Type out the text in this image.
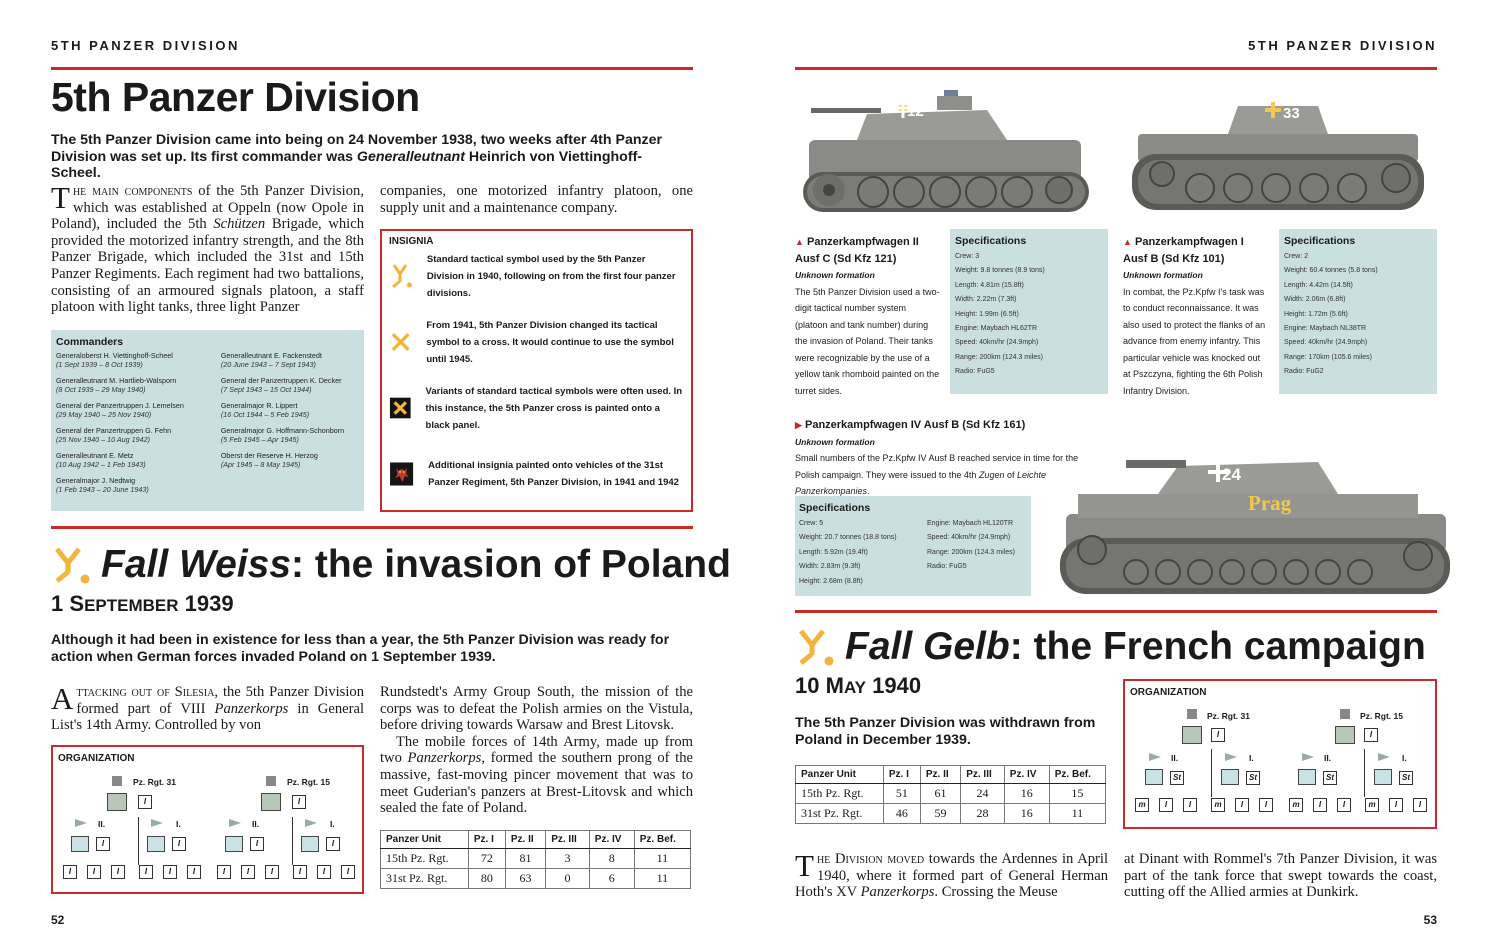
5TH PANZER DIVISION
5th Panzer Division
The 5th Panzer Division came into being on 24 November 1938, two weeks after 4th Panzer Division was set up. Its first commander was Generalleutnant Heinrich von Viettinghoff-Scheel.
The main components of the 5th Panzer Division, which was established at Oppeln (now Opole in Poland), included the 5th Schützen Brigade, which provided the motorized infantry strength, and the 8th Panzer Brigade, which included the 31st and 15th Panzer Regiments. Each regiment had two battalions, consisting of an armoured signals platoon, a staff platoon with light tanks, three light Panzer
companies, one motorized infantry platoon, one supply unit and a maintenance company.
Commanders
Generaloberst H. Viettinghoff-Scheel
(1 Sept 1939 – 8 Oct 1939)
Generalleutnant M. Hartlieb-Walsporn
(8 Oct 1939 – 29 May 1940)
General der Panzertruppen J. Lemelsen
(29 May 1940 – 25 Nov 1940)
General der Panzertruppen G. Fehn
(25 Nov 1940 – 10 Aug 1942)
Generalleutnant E. Metz
(10 Aug 1942 – 1 Feb 1943)
Generalmajor J. Nedtwig
(1 Feb 1943 – 20 June 1943)
Generalleutnant E. Fackenstedt
(20 June 1943 – 7 Sept 1943)
General der Panzertruppen K. Decker
(7 Sept 1943 – 15 Oct 1944)
Generalmajor R. Lippert
(16 Oct 1944 – 5 Feb 1945)
Generalmajor G. Hoffmann-Schonborn
(5 Feb 1945 – Apr 1945)
Oberst der Reserve H. Herzog
(Apr 1945 – 8 May 1945)
INSIGNIA
Standard tactical symbol used by the 5th Panzer Division in 1940, following on from the first four panzer divisions.
From 1941, 5th Panzer Division changed its tactical symbol to a cross. It would continue to use the symbol until 1945.
Variants of standard tactical symbols were often used. In this instance, the 5th Panzer cross is painted onto a black panel.
Additional insignia painted onto vehicles of the 31st Panzer Regiment, 5th Panzer Division, in 1941 and 1942
Fall Weiss : the invasion of Poland
1 SEPTEMBER 1939
Although it had been in existence for less than a year, the 5th Panzer Division was ready for action when German forces invaded Poland on 1 September 1939.
Attacking out of Silesia, the 5th Panzer Division formed part of VIII Panzerkorps in General List's 14th Army. Controlled by von

Rundstedt's Army Group South, the mission of the corps was to defeat the Polish armies on the Vistula, before driving towards Warsaw and Brest Litovsk.

The mobile forces of 14th Army, made up from two Panzerkorps, formed the southern prong of the massive, fast-moving pincer movement that was to meet Guderian's panzers at Brest-Litovsk and which sealed the fate of Poland.

ORGANIZATION
I
Pz. Rgt. 31
I
Pz. Rgt. 15
II.
I
I.
I
II.
I
I.
I
I	I	I	I	I	I	I	I	I	I	I	I
Panzer Unit	Pz. I	Pz. II	Pz. III	Pz. IV	Pz. Bef.
15th Pz. Rgt.	72	81	3	8	11
31st Pz. Rgt.	80	63	0	6	11
52
5TH PANZER DIVISION
12	33
▲ Panzerkampfwagen II
Ausf C (Sd Kfz 121)
Unknown formation
The 5th Panzer Division used a two-digit tactical number system (platoon and tank number) during the invasion of Poland. Their tanks were recognizable by the use of a yellow tank rhomboid painted on the turret sides.
Specifications
Crew: 3
Weight: 9.8 tonnes (8.9 tons)
Length: 4.81m (15.8ft)
Width: 2.22m (7.3ft)
Height: 1.99m (6.5ft)
Engine: Maybach HL62TR
Speed: 40km/hr (24.9mph)
Range: 200km (124.3 miles)
Radio: FuG5
▲ Panzerkampfwagen I
Ausf B (Sd Kfz 101)
Unknown formation
In combat, the Pz.Kpfw I's task was to conduct reconnaissance. It was also used to protect the flanks of an advance from enemy infantry. This particular vehicle was knocked out at Pszczyna, fighting the 6th Polish Infantry Division.
Specifications
Crew: 2
Weight: 60.4 tonnes (5.8 tons)
Length: 4.42m (14.5ft)
Width: 2.06m (6.8ft)
Height: 1.72m (5.6ft)
Engine: Maybach NL38TR
Speed: 40km/hr (24.9mph)
Range: 170km (105.6 miles)
Radio: FuG2
▶ Panzerkampfwagen IV Ausf B (Sd Kfz 161)
Unknown formation
Small numbers of the Pz.Kpfw IV Ausf B reached service in time for the Polish campaign. They were issued to the 4th Zugen of Leichte Panzerkompanies.
Specifications
Crew: 5
Weight: 20.7 tonnes (18.8 tons)
Length: 5.92m (19.4ft)
Width: 2.83m (9.3ft)
Height: 2.68m (8.8ft)
Engine: Maybach HL120TR
Speed: 40km/hr (24.9mph)
Range: 200km (124.3 miles)
Radio: FuG5
24
Prag
Fall Gelb : the French campaign
10 MAY 1940
The 5th Panzer Division was withdrawn from Poland in December 1939.
Panzer Unit	Pz. I	Pz. II	Pz. III	Pz. IV	Pz. Bef.
15th Pz. Rgt.	51	61	24	16	15
31st Pz. Rgt.	46	59	28	16	11
ORGANIZATION
I
Pz. Rgt. 31
I
Pz. Rgt. 15
II.
St
I.
St
II.
St
I.
St
m	I	I	m	I	I	m	I	I	m	I	I
The Division moved towards the Ardennes in April 1940, where it formed part of General Herman Hoth's XV Panzerkorps. Crossing the Meuse
at Dinant with Rommel's 7th Panzer Division, it was part of the tank force that swept towards the coast, cutting off the Allied armies at Dunkirk.
53
